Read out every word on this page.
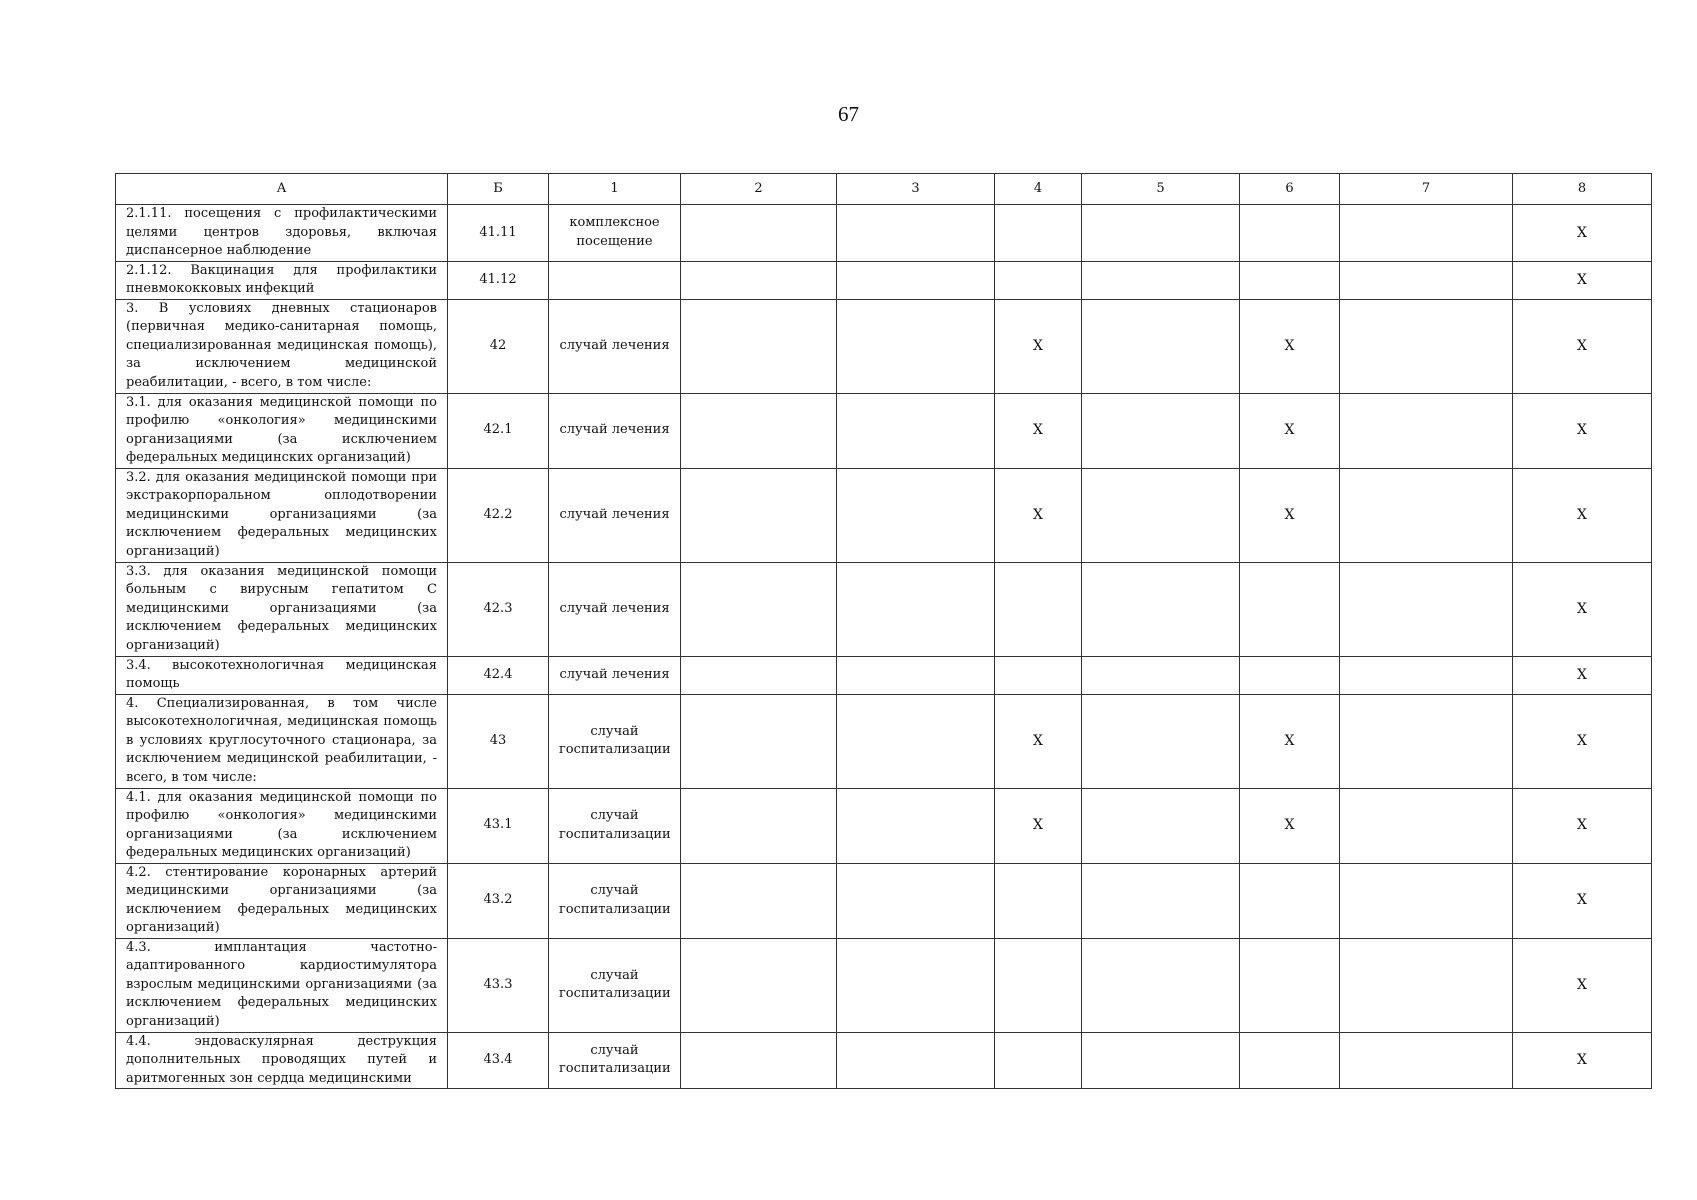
67
А	Б	1	2	3	4	5	6	7	8
2.1.11. посещения с профилактическими целями центров здоровья, включая диспансерное наблюдение	41.11	комплексное посещение							X
2.1.12. Вакцинация для профилактики пневмококковых инфекций	41.12								X
3. В условиях дневных стационаров (первичная медико-санитарная помощь, специализированная медицинская помощь), за исключением медицинской реабилитации, - всего, в том числе:	42	случай лечения			X		X		X
3.1. для оказания медицинской помощи по профилю «онкология» медицинскими организациями (за исключением федеральных медицинских организаций)	42.1	случай лечения			X		X		X
3.2. для оказания медицинской помощи при экстракорпоральном оплодотворении медицинскими организациями (за исключением федеральных медицинских организаций)	42.2	случай лечения			X		X		X
3.3. для оказания медицинской помощи больным с вирусным гепатитом С медицинскими организациями (за исключением федеральных медицинских организаций)	42.3	случай лечения							X
3.4. высокотехнологичная медицинская помощь	42.4	случай лечения							X
4. Специализированная, в том числе высокотехнологичная, медицинская помощь в условиях круглосуточного стационара, за исключением медицинской реабилитации, - всего, в том числе:	43	случай госпитализации			X		X		X
4.1. для оказания медицинской помощи по профилю «онкология» медицинскими организациями (за исключением федеральных медицинских организаций)	43.1	случай госпитализации			X		X		X
4.2. стентирование коронарных артерий медицинскими организациями (за исключением федеральных медицинских организаций)	43.2	случай госпитализации							X
4.3. имплантация частотно-адаптированного кардиостимулятора взрослым медицинскими организациями (за исключением федеральных медицинских организаций)	43.3	случай госпитализации							X

4.4. эндоваскулярная деструкция дополнительных проводящих путей и аритмогенных зон сердца медицинскими	43.4	случай госпитализации							X
